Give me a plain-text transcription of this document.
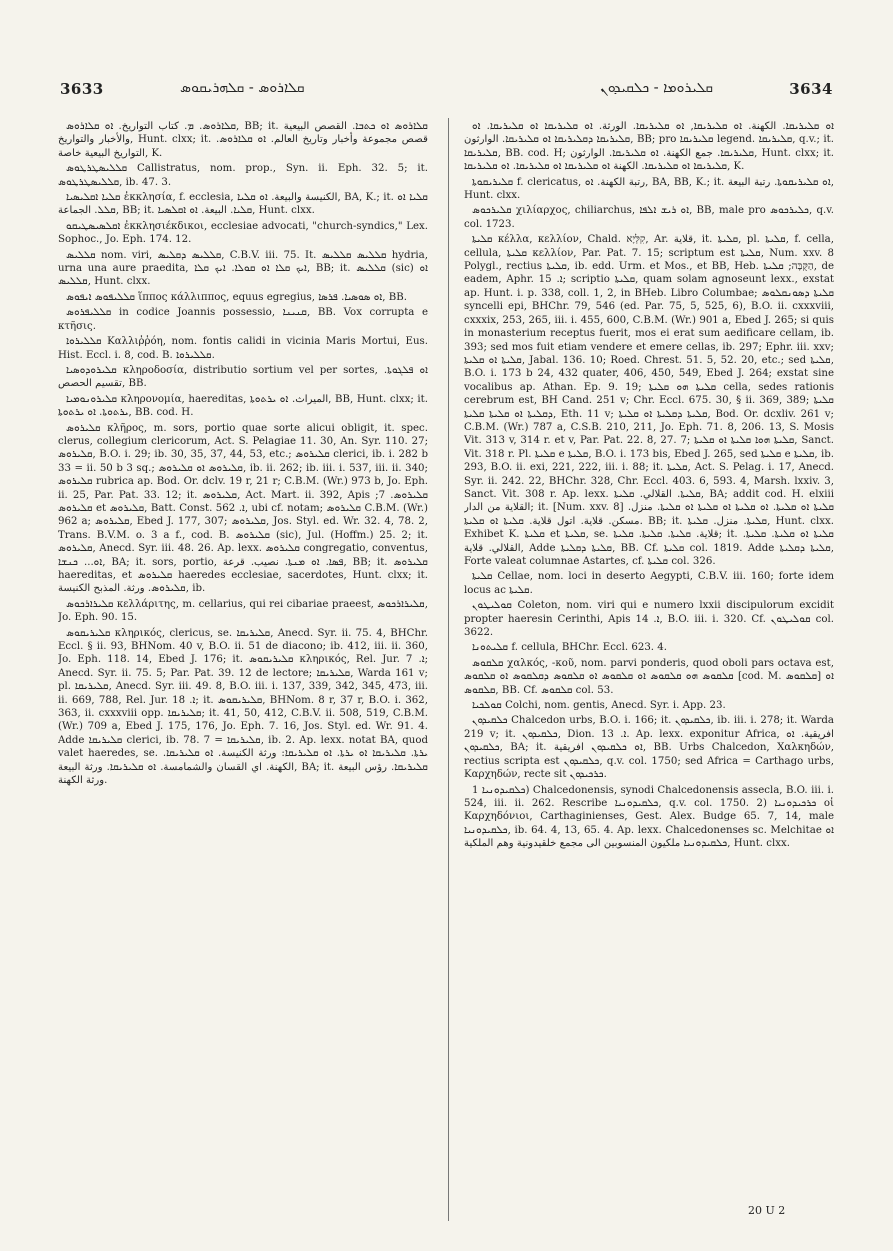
3633	ܩܠܐܪܘܣ - ܩܠܗܪܝܩܘܣ	ܩܠܝܪܘܡܐ - ܟܠܩܝܕܘܢ	3634

ܩܠܐܪܘܣ. ܡ. كتاب التواريخ. ܐܘ ܩܠܐܪܘܣ, BB; it. ܩܠܐܪܘܣ ܐܘ ܟܬܒܐ. القصص البيعية والأخبار والتواريخ, Hunt. clxx; it. قصص مجموعة وأخبار وتاريخ العالم. ܐܘ ܩܠܐܪܘܣ. التواريخ البيعية خاصة, K.

ܩܠܠܝܣܛܪܛܘܣ Callistratus, nom. prop., Syn. ii. Eph. 32. 5; it. ܩܠܠܝܣܛܪܛܘܣ, ib. 47. 3.

ܩܠܝܐ ܐܩܠܝܣܝܐ ἐκκλησία, f. ecclesia, الكنيسة والبيعة. ܐܘ ܩܠܝܐ, BA, K.; it. ܩܠܝܐ ܐܘ ܩܠܠ. الجماعة, BB; it. ܩܠܝܐ. البيعة. ܐܘ ܐܩܠܣܝܐ, Hunt. clxx.

ܐܩܠܣܝܣܛܝܩܘ ἐκκλησιέκδικοι, ecclesiae advocati, "church-syndics," Lex. Sophoc., Jo. Eph. 174. 12.

ܩܠܠܝܣ nom. viri, ܩܠܠܝܣ ܕܩܠܝܣ, C.B.V. iii. 75. It. ܩܠܠܝܣ ܩܠܠܝܣ hydria, urna una aure praedita, ܐܝܟ ܩܠܐ ܐܘ ܩܘܠܐ. ܐܝܟ ܩܠܐ, BB; it. ܩܠܠܝܣ (sic) ܐܘ ܩܠܠܝܣ, Hunt. clxx.

ܩܠܠܝܦܘܣ ܐܝܦܘܣ ἵππος κάλλιππος, equus egregius, ܐܘ ܣܘܣܝܐ. ܦܪܣܐ, BB.

ܩܠܠܝܦܪܘܣ in codice Joannis possessio, ܩܢܝܢܐ, BB. Vox corrupta e κτῆσις.

ܩܠܠܝܪܘܐ Καλλιῤῥόη, nom. fontis calidi in vicinia Maris Mortui, Eus. Hist. Eccl. i. 8, cod. B. ܩܠܠܝܪܘܐ.

ܩܠܝܪܘܕܘܣܝܐ κληροδοσία, distributio sortium vel per sortes, ܐܘ ܦܠܓܘܬܐ. تقسيم الحصص, BB.

ܩܠܝܪܘܢܘܡܝܐ κληρονομία, haereditas, الميراث. ܐܘ ܝܪܬܘܬܐ, BB, Hunt. clxx; it. ܝܪܬܘܬܐ. ܐܘ ܝܪܬܘܬܐ, BB. cod. H.

ܩܠܝܪܘܣ κλῆρος, m. sors, portio quae sorte alicui obligit, it. spec. clerus, collegium clericorum, Act. S. Pelagiae 11. 30, An. Syr. 110. 27; ܩܠܝܪܘܣ, B.O. i. 29; ib. 30, 35, 37, 44, 53, etc.; ܩܠܝܪܘܣ clerici, ib. i. 282 b 33 = ii. 50 b 3 sq.; ܩܠܝܪܘܣ ܐܘ ܩܠܝܪܘܣ, ib. ii. 262; ib. iii. i. 537, iii. ii. 340; ܩܠܝܪܘܣ rubrica ap. Bod. Or. dclv. 19 r, 21 r; C.B.M. (Wr.) 973 b, Jo. Eph. ii. 25, Par. Pat. 33. 12; it. ܩܠܝܪܘܣ, Act. Mart. ii. 392, Apis ܩܠܝܪܘܣ. 7; ܩܠܝܪܘܣ et ܩܠܝܪܘܣ, Batt. Const. ܐ. 562, ubi cf. notam; ܩܠܝܪܘܣ C.B.M. (Wr.) 962 a; ܩܠܝܪܘܣ, Ebed J. 177, 307; ܩܠܝܪܘܣ, Jos. Styl. ed. Wr. 32. 4, 78. 2, Trans. B.V.M. o. 3 a f., cod. B. ܩܠܝܪܘܣ (sic), Jul. (Hoffm.) 25. 2; it. ܩܠܝܪܘܣ, Anecd. Syr. iii. 48. 26. Ap. lexx. ܩܠܝܪܘܣ congregatio, conventus, ܐܘ... ܟܢܫܐ, BA; it. sors, portio, ܦܣܐ. ܐܘ ܡܢܬܐ. نصيب. قرعة, BB; it. ܩܠܝܪܘܣ haereditas, et ܩܠܝܪܘܣ haeredes ecclesiae, sacerdotes, Hunt. clxx; it. ܩܠܝܪܘܣ. ورثة. المذبح الكنيسة, ib.

ܩܠܝܪܐܪܟܘܣ κελλάριτης, m. cellarius, qui rei cibariae praeest, ܩܠܝܪܐܪܟܘܣ, Jo. Eph. 90. 15.

ܩܠܝܪܝܩܘܣ κληρικός, clericus, se. ܩܠܝܪܝܩܐ, Anecd. Syr. ii. 75. 4, BHChr. Eccl. § ii. 93, BHNom. 40 v, B.O. ii. 51 de diacono; ib. 412, iii. ii. 360, Jo. Eph. 118. 14, Ebed J. 176; it. ܩܠܝܪܝܩܘܣ κληρικός, Rel. Jur. ܐ. 7; Anecd. Syr. ii. 75. 5; Par. Pat. 39. 12 de lectore; ܩܠܝܪܝܩܐ, Warda 161 v; pl. ܩܠܝܪܝܩܐ, Anecd. Syr. iii. 49. 8, B.O. iii. i. 137, 339, 342, 345, 473, iii. ii. 669, 788, Rel. Jur. ܐ. 18; it. ܩܠܝܪܝܩܘܣ, BHNom. 8 r, 37 r, B.O. i. 362, 363, ii. cxxxviii opp. ܩܠܝܪܝܩܐ; it. 41, 50, 412, C.B.V. ii. 508, 519, C.B.M. (Wr.) 709 a, Ebed J. 175, 176, Jo. Eph. 7. 16, Jos. Styl. ed. Wr. 91. 4. Adde ܩܠܝܪܝܩܐ clerici, ib. 78. 7 = ܩܠܝܪܝܩܐ, ib. 2. Ap. lexx. notat BA, quod valet haeredes, se. ܝܪܬܐ. ܩܠܝܪܝܩܐ ܐܘ ܝܪܬܐ. ܐܘ ܩܠܝܪܝܩܐ: ورثة الكنيسة. ܐܘ ܩܠܝܪܝܩܐ. الكهنة. اي القسان والشمامسة. ܐܘ ܩܠܝܪܝܩܐ. ورثة البيعة, BA; it. ܩܠܝܪܝܩܐ. رؤس البيعة ورثة الكهنة.

ܐܘ ܩܠܝܪܝܩܐ. الكهنة. ܐܘ ܩܠܝܪܝܩܐ, ܐܘ ܩܠܝܪܝܩܐ. الورثة. ܐܘ ܩܠܝܪܝܩܐ ܐܘ ܩܠܝܪܝܩܐ. ܐܘ ܩܠܝܪܝܩܐ ܕܩܠܝܪܝܩܐ ܐܘ ܩܠܝܪܝܩܐ. الوارثون, BB; pro ܩܠܝܪܝܩܐ legend. ܩܠܝܪܝܩܐ, q.v.; it. ܩܠܝܪܝܩܐ, BB. cod. H; ܩܠܝܪܝܩܐ. جمع الكهنة. ܐܘ ܩܠܝܪܝܩܐ. الوارثون, Hunt. clxx; it. ܩܠܝܪܝܩܐ ܐܘ ܩܠܝܪܝܩܐ. الكهنة ܐܘ ܩܠܝܪܝܩܐ ܐܘ ܩܠܝܪܝܩܐ. ܐܘ ܩܠܝܪܝܩܐ, K.

ܩܠܝܪܝܩܘܬܐ f. clericatus, رتبة الكهنة. ܐܘ, BA, BB, K.; it. ܐܘ ܩܠܝܪܝܩܘܬܐ. رتبة البيعة, Hunt. clxx.

ܩܠܝܪܟܘܣ χιλίαρχος, chiliarchus, ܐܘ ܪܝܫ ܐܠܦܐ, BB, male pro ܟܠܝܪܟܘܣ, q.v. col. 1723.

ܩܠܝܬܐ κέλλα, κελλίον, Chald. קִלְּיָא, Ar. قلاية, it. ܩܠܝܬܐ, pl. ܩܠܝܬܐ, f. cella, cellula, ܩܠܝܬܐ κελλίον, Par. Pat. 7. 15; scriptum est ܩܠܝܬܐ, Num. xxv. 8 Polygl., rectius ܩܠܝܬܐ, ib. edd. Urm. et Mos., et BB, Heb. הַקֻּבָּה; ܩܠܝܬܐ, de eadem, Aphr. ܐ. 15; scriptio ܩܠܝܬܐ, quam solam agnoseunt lexx., exstat ap. Hunt. i. p. 338, coll. 1, 2, in BHeb. Libro Columbae; ܩܠܝܬܐ ܕܣܘܢܩܠܘܣ syncelli epi, BHChr. 79, 546 (ed. Par. 75, 5, 525, 6), B.O. ii. cxxxviii, cxxxix, 253, 265, iii. i. 455, 600, C.B.M. (Wr.) 901 a, Ebed J. 265; si quis in monasterium receptus fuerit, mos ei erat sum aedificare cellam, ib. 393; sed mos fuit etiam vendere et emere cellas, ib. 297; Ephr. iii. xxv; ܩܠܝܬܐ ܐܘ ܩܠܝܬܐ, Jabal. 136. 10; Roed. Chrest. 51. 5, 52. 20, etc.; sed ܩܠܝܬܐ, B.O. i. 173 b 24, 432 quater, 406, 450, 549, Ebed J. 264; exstat sine vocalibus ap. Athan. Ep. 9. 19; ܩܠܝܬܐ ܗܘ ܩܠܝܬܐ cella, sedes rationis cerebrum est, BH Cand. 251 v; Chr. Eccl. 675. 30, § ii. 369, 389; ܩܠܝܬܐ ܕܩܠܝܬܐ ܐܘ ܩܠܝܬܐ ܩܠܝܬܐ, Eth. 11 v; ܩܠܝܬܐ ܕܩܠܝܬܐ ܐܘ ܩܠܝܬܐ, Bod. Or. dcxliv. 261 v; C.B.M. (Wr.) 787 a, C.S.B. 210, 211, Jo. Eph. 71. 8, 206. 13, S. Mosis Vit. 313 v, 314 r. et v, Par. Pat. 22. 8, 27. 7; ܩܠܝܬܐ ܗܘܐ ܩܠܝܬܐ ܐܘ ܩܠܝܬܐ, Sanct. Vit. 318 r. Pl. ܩܠܝܬܐ e ܩܠܝܬܐ, B.O. i. 173 bis, Ebed J. 265, sed ܩܠܝܬܐ e ܩܠܝܬܐ, ib. 293, B.O. ii. exi, 221, 222, iii. i. 88; it. ܩܠܝܬܐ, Act. S. Pelag. i. 17, Anecd. Syr. ii. 242. 22, BHChr. 328, Chr. Eccl. 403. 6, 593. 4, Marsh. lxxiv. 3, Sanct. Vit. 308 r. Ap. lexx. ܩܠܝܬܐ. القلالي. ܩܠܝܬܐ, BA; addit cod. H. elxiii القلاية من الدار; it. [Num. xxv. 8] ܩܠܝܬܐ ܐܘ ܩܠܝܬܐ. ܐܘ ܩܠܝܬܐ ܐܘ ܩܠܝܬܐ ܐܘ ܩܠܝܬܐ. منزل. مسكن. قلاية. اتول قلاية. ܩܠܝܬܐ ܐܘ ܩܠܝܬܐ. BB; it. ܩܠܝܬܐ. منزل. ܩܠܝܬܐ, Hunt. clxx. Exhibet K. ܩܠܝܬܐ et ܩܠܝܬܐ, se. قلاية. ܩܠܝܬܐ. ܩܠܝܬܐ. ܩܠܝܬܐ; it. ܩܠܝܬܐ ܐܘ ܩܠܝܬܐ. ܩܠܝܬܐ. القلالي. قلاية, Adde ܩܠܝܬܐ ܕܩܠܝܬܐ, BB. Cf. ܩܠܝܬܐ col. 1819. Adde ܩܠܝܬܐ ܕܩܠܝܬܐ, Forte valeat columnae Astartes, cf. ܩܠܝܬܐ col. 326.

ܩܠܝܬܐ Cellae, nom. loci in deserto Aegypti, C.B.V. iii. 160; forte idem locus ac ܩܠܝܬܐ.

ܩܘܠܝܛܘܢ Coleton, nom. viri qui e numero lxxii discipulorum excidit propter haeresin Cerinthi, Apis ܐ. 14, B.O. iii. i. 320. Cf. ܩܘܠܝܛܘܢ col. 3622.

ܩܠܝܬܘܢܐ f. cellula, BHChr. Eccl. 623. 4.

ܩܠܩܘܣ χαλκός, -κοῦ, nom. parvi ponderis, quod oboli pars octava est, ܩܠܩܘܣ ܗܘ ܩܠܩܘܣ ܐܘ ܩܠܩܘܣ ܐܘ ܩܠܩܘܣ ܕܩܠܩܘܣ ܐܘ ܩܠܩܘܣ [cod. M. ܩܠܩܘܣ] ܐܘ ܩܠܩܘܣ, BB. Cf. ܩܠܩܘܣ col. 53.

ܩܘܠܟܝܐ Colchi, nom. gentis, Anecd. Syr. i. App. 23.

ܟܠܩܝܕܘܢ Chalcedon urbs, B.O. i. 166; it. ܟܠܩܝܕܘܢ, ib. iii. i. 278; it. Warda 219 v; it. ܟܠܩܝܕܘܢ, Dion. ܐ. 13. Ap. lexx. exponitur Africa, افريقية. ܐܘ ܟܠܩܝܕܘܢ, BA; it. ܐܘ ܟܠܩܝܕܘܢ افريقية, BB. Urbs Chalcedon, Χαλκηδών, rectius scripta est ܟܠܩܝܕܘܢ, q.v. col. 1750; sed Africa = Carthago urbs, Καρχηδών, recte sit ܟܪܟܝܕܘܢ.

ܟܠܩܝܕܘܢܝܐ 1) Chalcedonensis, synodi Chalcedonensis assecla, B.O. iii. i. 524, iii. ii. 262. Rescribe ܟܠܩܝܕܘܢܝܐ, q.v. col. 1750. 2) ܟܪܟܝܕܘܢܝܐ οἱ Καρχηδόνιοι, Carthaginienses, Gest. Alex. Budge 65. 7, 14, male ܟܠܩܝܕܘܢܝܐ, ib. 64. 4, 13, 65. 4. Ap. lexx. Chalcedonenses sc. Melchitae ܐܘ ܟܠܩܝܕܘܢܝܐ ملكيون المنسوبين الى مجمع خلقيدونية وهم الملكية, Hunt. clxx.

20 U 2
